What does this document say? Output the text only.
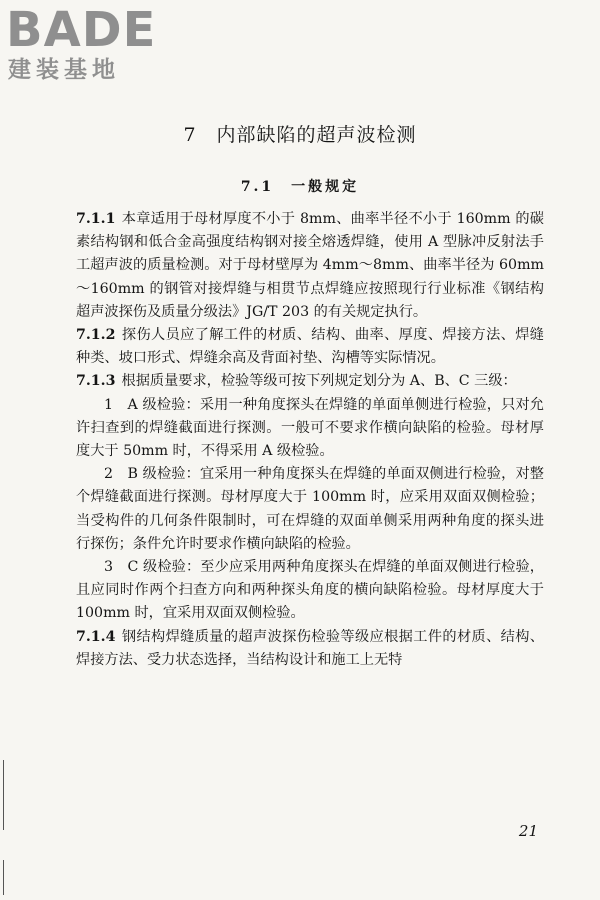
BADE
建装基地
7　内部缺陷的超声波检测
7.1　一般规定

7.1.1 本章适用于母材厚度不小于 8mm、曲率半径不小于 160mm 的碳素结构钢和低合金高强度结构钢对接全熔透焊缝，使用 A 型脉冲反射法手工超声波的质量检测。对于母材壁厚为 4mm～8mm、曲率半径为 60mm～160mm 的钢管对接焊缝与相贯节点焊缝应按照现行行业标准《钢结构超声波探伤及质量分级法》JG/T 203 的有关规定执行。

7.1.2 探伤人员应了解工件的材质、结构、曲率、厚度、焊接方法、焊缝种类、坡口形式、焊缝余高及背面衬垫、沟槽等实际情况。

7.1.3 根据质量要求，检验等级可按下列规定划分为 A、B、C 三级：

1　A 级检验：采用一种角度探头在焊缝的单面单侧进行检验，只对允许扫查到的焊缝截面进行探测。一般可不要求作横向缺陷的检验。母材厚度大于 50mm 时，不得采用 A 级检验。

2　B 级检验：宜采用一种角度探头在焊缝的单面双侧进行检验，对整个焊缝截面进行探测。母材厚度大于 100mm 时，应采用双面双侧检验；当受构件的几何条件限制时，可在焊缝的双面单侧采用两种角度的探头进行探伤；条件允许时要求作横向缺陷的检验。

3　C 级检验：至少应采用两种角度探头在焊缝的单面双侧进行检验，且应同时作两个扫查方向和两种探头角度的横向缺陷检验。母材厚度大于 100mm 时，宜采用双面双侧检验。

7.1.4 钢结构焊缝质量的超声波探伤检验等级应根据工件的材质、结构、焊接方法、受力状态选择，当结构设计和施工上无特

21
